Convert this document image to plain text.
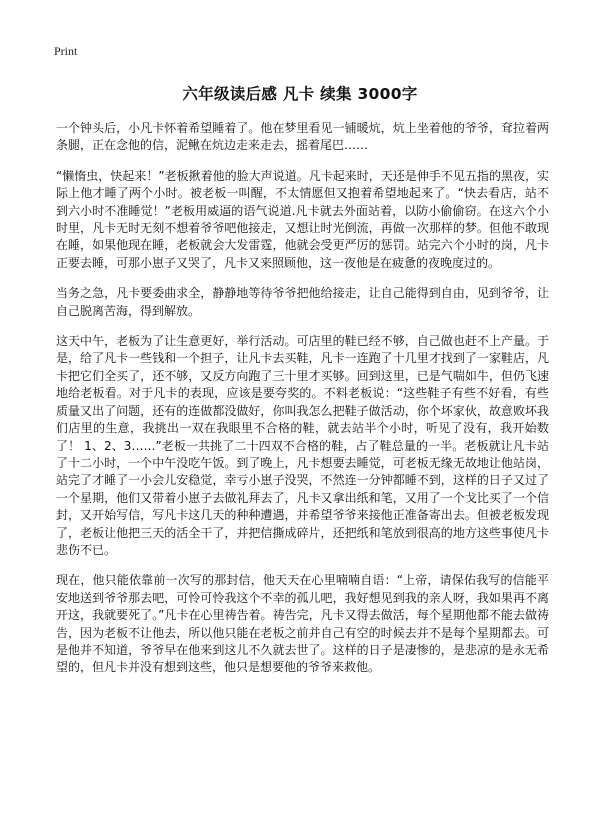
Print
六年级读后感 凡卡 续集 3000字

一个钟头后，小凡卡怀着希望睡着了。他在梦里看见一铺暖炕，炕上坐着他的爷爷，耷拉着两条腿，正在念他的信，泥鳅在炕边走来走去，摇着尾巴……

“懒惰虫，快起来！”老板揪着他的脸大声说道。凡卡起来时，天还是伸手不见五指的黑夜，实际上他才睡了两个小时。被老板一叫醒，不太情愿但又抱着希望地起来了。“快去看店，站不到六小时不准睡觉！”老板用威逼的语气说道.凡卡就去外面站着，以防小偷偷窃。在这六个小时里，凡卡无时无刻不想着爷爷吧他接走，又想让时光倒流，再做一次那样的梦。但他不敢现在睡，如果他现在睡，老板就会大发雷霆，他就会受更严厉的惩罚。站完六个小时的岗，凡卡正要去睡，可那小崽子又哭了，凡卡又来照顾他，这一夜他是在疲惫的夜晚度过的。

当务之急，凡卡要委曲求全，静静地等待爷爷把他给接走，让自己能得到自由，见到爷爷，让自己脱离苦海，得到解放。

这天中午，老板为了让生意更好，举行活动。可店里的鞋已经不够，自己做也赶不上产量。于是，给了凡卡一些钱和一个担子，让凡卡去买鞋，凡卡一连跑了十几里才找到了一家鞋店，凡卡把它们全买了，还不够，又反方向跑了三十里才买够。回到这里，已是气喘如牛，但仍飞速地给老板看。对于凡卡的表现，应该是要夸奖的。不料老板说：“这些鞋子有些不好看，有些质量又出了问题，还有的连做都没做好，你叫我怎么把鞋子做活动，你个坏家伙，故意败坏我们店里的生意，我挑出一双在我眼里不合格的鞋，就去站半个小时，听见了没有，我开始数了！ 1、2、3……”老板一共挑了二十四双不合格的鞋，占了鞋总量的一半。老板就让凡卡站了十二小时，一个中午没吃午饭。到了晚上，凡卡想要去睡觉，可老板无缘无故地让他站岗，站完了才睡了一小会儿安稳觉，幸亏小崽子没哭，不然连一分钟都睡不到，这样的日子又过了一个星期，他们又带着小崽子去做礼拜去了，凡卡又拿出纸和笔，又用了一个戈比买了一个信封，又开始写信，写凡卡这几天的种种遭遇，并希望爷爷来接他正准备寄出去。但被老板发现了，老板让他把三天的活全干了，并把信撕成碎片，还把纸和笔放到很高的地方这些事使凡卡悲伤不已。

现在，他只能依靠前一次写的那封信，他天天在心里喃喃自语：“上帝，请保佑我写的信能平安地送到爷爷那去吧，可怜可怜我这个不幸的孤儿吧，我好想见到我的亲人呀，我如果再不离开这，我就要死了。”凡卡在心里祷告着。祷告完，凡卡又得去做活，每个星期他都不能去做祷告，因为老板不让他去，所以他只能在老板之前并自己有空的时候去并不是每个星期都去。可是他并不知道，爷爷早在他来到这儿不久就去世了。这样的日子是凄惨的，是悲凉的是永无希望的，但凡卡并没有想到这些，他只是想要他的爷爷来救他。
